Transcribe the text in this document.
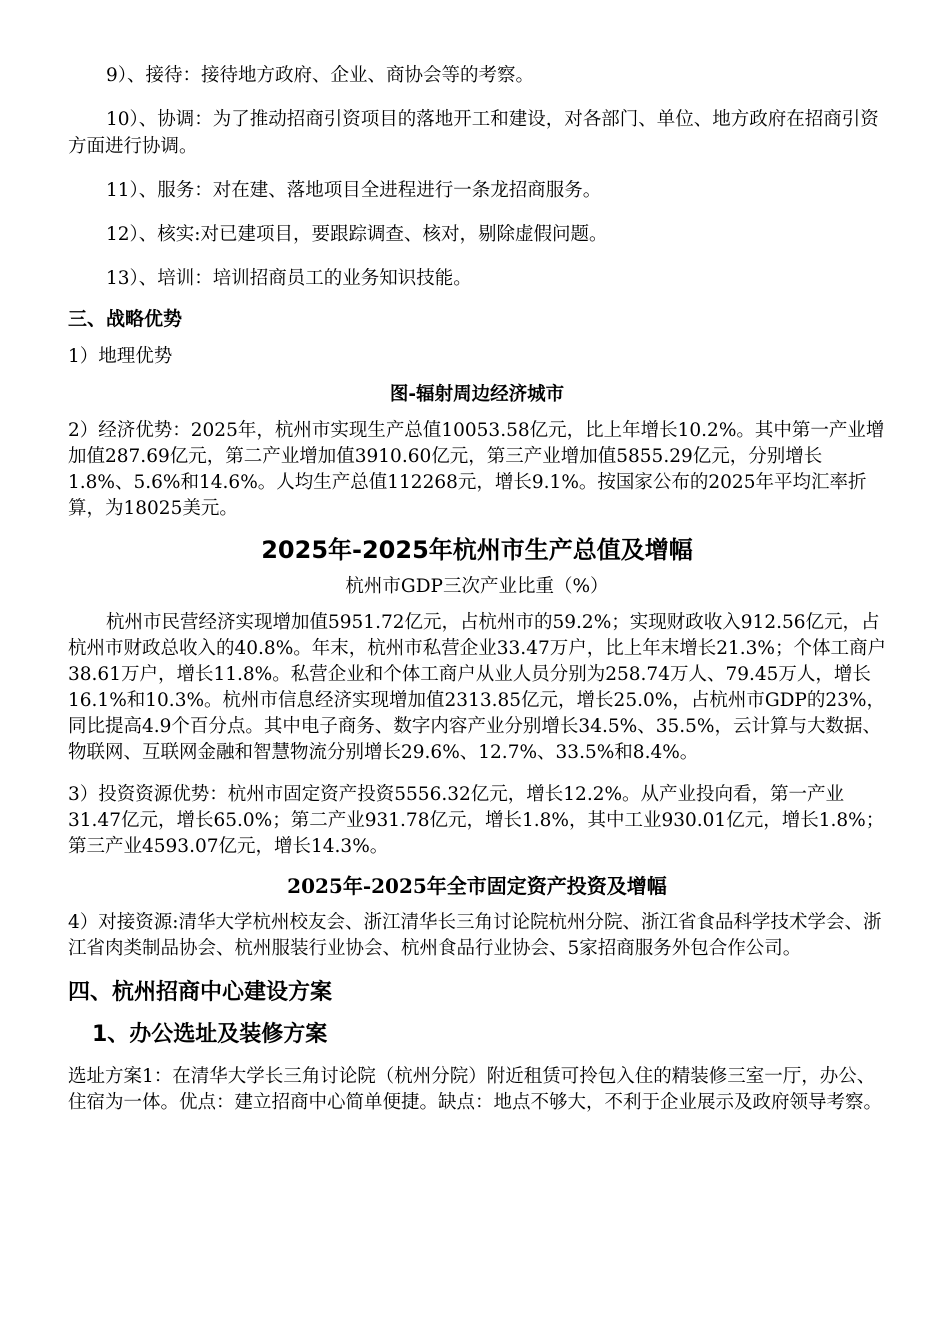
9）、接待：接待地方政府、企业、商协会等的考察。

10）、协调：为了推动招商引资项目的落地开工和建设，对各部门、单位、地方政府在招商引资方面进行协调。

11）、服务：对在建、落地项目全进程进行一条龙招商服务。

12）、核实:对已建项目，要跟踪调查、核对，剔除虚假问题。

13）、培训：培训招商员工的业务知识技能。

三、战略优势

1）地理优势

图-辐射周边经济城市

2）经济优势：2025年，杭州市实现生产总值10053.58亿元，比上年增长10.2%。其中第一产业增加值287.69亿元，第二产业增加值3910.60亿元，第三产业增加值5855.29亿元，分别增长1.8%、5.6%和14.6%。人均生产总值112268元，增长9.1%。按国家公布的2025年平均汇率折算，为18025美元。

2025年-2025年杭州市生产总值及增幅

杭州市GDP三次产业比重（%）

杭州市民营经济实现增加值5951.72亿元，占杭州市的59.2%；实现财政收入912.56亿元，占杭州市财政总收入的40.8%。年末，杭州市私营企业33.47万户，比上年末增长21.3%；个体工商户38.61万户，增长11.8%。私营企业和个体工商户从业人员分别为258.74万人、79.45万人，增长16.1%和10.3%。杭州市信息经济实现增加值2313.85亿元，增长25.0%，占杭州市GDP的23%，同比提高4.9个百分点。其中电子商务、数字内容产业分别增长34.5%、35.5%，云计算与大数据、物联网、互联网金融和智慧物流分别增长29.6%、12.7%、33.5%和8.4%。

3）投资资源优势：杭州市固定资产投资5556.32亿元，增长12.2%。从产业投向看，第一产业31.47亿元，增长65.0%；第二产业931.78亿元，增长1.8%，其中工业930.01亿元，增长1.8%；第三产业4593.07亿元，增长14.3%。

2025年-2025年全市固定资产投资及增幅

4）对接资源:清华大学杭州校友会、浙江清华长三角讨论院杭州分院、浙江省食品科学技术学会、浙江省肉类制品协会、杭州服装行业协会、杭州食品行业协会、5家招商服务外包合作公司。

四、杭州招商中心建设方案

1、办公选址及装修方案

选址方案1：在清华大学长三角讨论院（杭州分院）附近租赁可拎包入住的精装修三室一厅，办公、住宿为一体。优点：建立招商中心简单便捷。缺点：地点不够大，不利于企业展示及政府领导考察。
